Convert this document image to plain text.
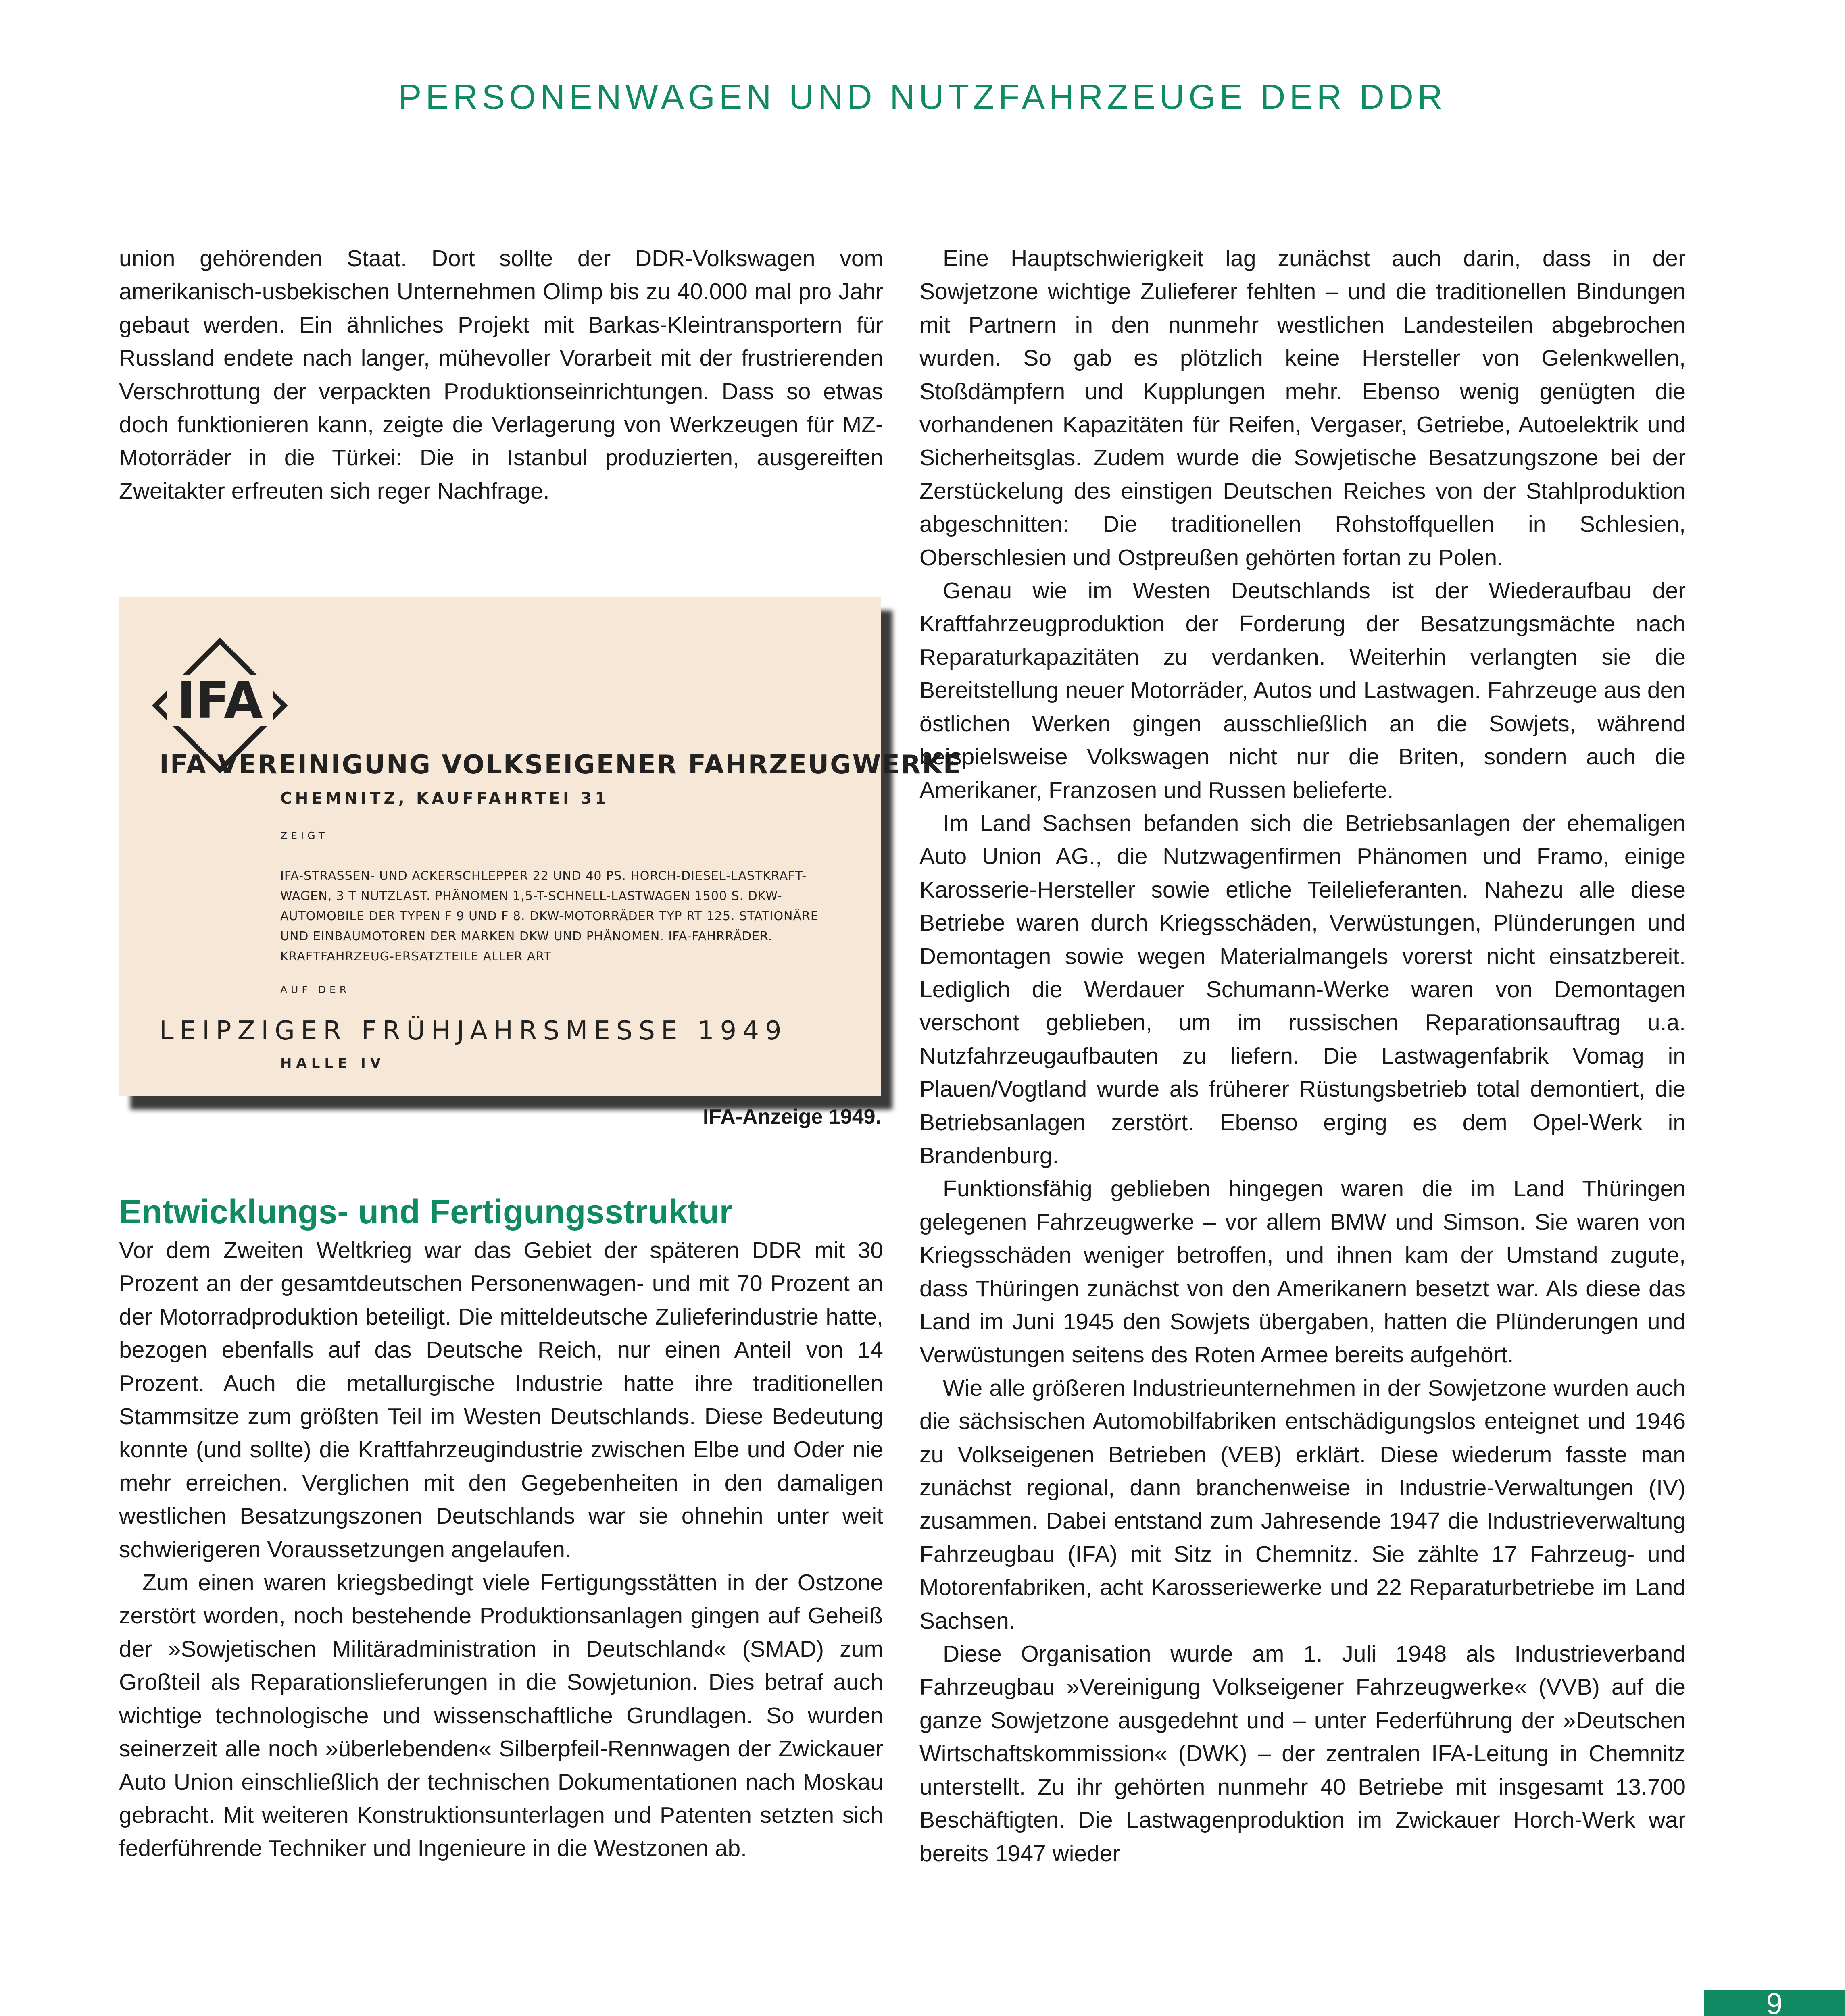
PERSONENWAGEN UND NUTZFAHRZEUGE DER DDR

union gehörenden Staat. Dort sollte der DDR-Volkswagen vom amerikanisch-usbekischen Unternehmen Olimp bis zu 40.000 mal pro Jahr gebaut werden. Ein ähnliches Projekt mit Barkas-Kleintransportern für Russland endete nach langer, mühevoller Vorarbeit mit der frustrierenden Verschrottung der verpackten Produktionseinrichtungen. Dass so etwas doch funktionieren kann, zeigte die Verlagerung von Werkzeugen für MZ-Motorräder in die Türkei: Die in Istanbul produzierten, ausgereiften Zweitakter erfreuten sich reger Nachfrage.

IFA
IFA VEREINIGUNG VOLKSEIGENER FAHRZEUGWERKE
CHEMNITZ, KAUFFAHRTEI 31
ZEIGT
IFA-STRASSEN- UND ACKERSCHLEPPER 22 UND 40 PS. HORCH-DIESEL-LASTKRAFT-
WAGEN, 3 T NUTZLAST. PHÄNOMEN 1,5-T-SCHNELL-LASTWAGEN 1500 S. DKW-
AUTOMOBILE DER TYPEN F 9 UND F 8. DKW-MOTORRÄDER TYP RT 125. STATIONÄRE
UND EINBAUMOTOREN DER MARKEN DKW UND PHÄNOMEN. IFA-FAHRRÄDER.
KRAFTFAHRZEUG-ERSATZTEILE ALLER ART
AUF DER
LEIPZIGER FRÜHJAHRSMESSE 1949
HALLE IV
IFA-Anzeige 1949.
Entwicklungs- und Fertigungsstruktur

Vor dem Zweiten Weltkrieg war das Gebiet der späteren DDR mit 30 Prozent an der gesamtdeutschen Personenwagen- und mit 70 Prozent an der Motorradproduktion beteiligt. Die mitteldeutsche Zulieferindustrie hatte, bezogen ebenfalls auf das Deutsche Reich, nur einen Anteil von 14 Prozent. Auch die metallurgische Industrie hatte ihre traditionellen Stammsitze zum größten Teil im Westen Deutschlands. Diese Bedeutung konnte (und sollte) die Kraftfahrzeugindustrie zwischen Elbe und Oder nie mehr erreichen. Verglichen mit den Gegebenheiten in den damaligen westlichen Besatzungszonen Deutschlands war sie ohnehin unter weit schwierigeren Voraussetzungen angelaufen.

Zum einen waren kriegsbedingt viele Fertigungsstätten in der Ostzone zerstört worden, noch bestehende Produktionsanlagen gingen auf Geheiß der »Sowjetischen Militäradministration in Deutschland« (SMAD) zum Großteil als Reparationslieferungen in die Sowjetunion. Dies betraf auch wichtige technologische und wissenschaftliche Grundlagen. So wurden seinerzeit alle noch »überlebenden« Silberpfeil-Rennwagen der Zwickauer Auto Union einschließlich der technischen Dokumentationen nach Moskau gebracht. Mit weiteren Konstruktionsunterlagen und Patenten setzten sich federführende Techniker und Ingenieure in die Westzonen ab.

Eine Hauptschwierigkeit lag zunächst auch darin, dass in der Sowjetzone wichtige Zulieferer fehlten – und die traditionellen Bindungen mit Partnern in den nunmehr westlichen Landesteilen abgebrochen wurden. So gab es plötzlich keine Hersteller von Gelenkwellen, Stoßdämpfern und Kupplungen mehr. Ebenso wenig genügten die vorhandenen Kapazitäten für Reifen, Vergaser, Getriebe, Autoelektrik und Sicherheitsglas. Zudem wurde die Sowjetische Besatzungszone bei der Zerstückelung des einstigen Deutschen Reiches von der Stahlproduktion abgeschnitten: Die traditionellen Rohstoffquellen in Schlesien, Oberschlesien und Ostpreußen gehörten fortan zu Polen.

Genau wie im Westen Deutschlands ist der Wiederaufbau der Kraftfahrzeugproduktion der Forderung der Besatzungsmächte nach Reparaturkapazitäten zu verdanken. Weiterhin verlangten sie die Bereitstellung neuer Motorräder, Autos und Lastwagen. Fahrzeuge aus den östlichen Werken gingen ausschließlich an die Sowjets, während beispielsweise Volkswagen nicht nur die Briten, sondern auch die Amerikaner, Franzosen und Russen belieferte.

Im Land Sachsen befanden sich die Betriebsanlagen der ehemaligen Auto Union AG., die Nutzwagenfirmen Phänomen und Framo, einige Karosserie-Hersteller sowie etliche Teilelieferanten. Nahezu alle diese Betriebe waren durch Kriegsschäden, Verwüstungen, Plünderungen und Demontagen sowie wegen Materialmangels vorerst nicht einsatzbereit. Lediglich die Werdauer Schumann-Werke waren von Demontagen verschont geblieben, um im russischen Reparationsauftrag u.a. Nutzfahrzeugaufbauten zu liefern. Die Lastwagenfabrik Vomag in Plauen/Vogtland wurde als früherer Rüstungsbetrieb total demontiert, die Betriebsanlagen zerstört. Ebenso erging es dem Opel-Werk in Brandenburg.

Funktionsfähig geblieben hingegen waren die im Land Thüringen gelegenen Fahrzeugwerke – vor allem BMW und Simson. Sie waren von Kriegsschäden weniger betroffen, und ihnen kam der Umstand zugute, dass Thüringen zunächst von den Amerikanern besetzt war. Als diese das Land im Juni 1945 den Sowjets übergaben, hatten die Plünderungen und Verwüstungen seitens des Roten Armee bereits aufgehört.

Wie alle größeren Industrieunternehmen in der Sowjetzone wurden auch die sächsischen Automobilfabriken entschädigungslos enteignet und 1946 zu Volkseigenen Betrieben (VEB) erklärt. Diese wiederum fasste man zunächst regional, dann branchenweise in Industrie-Verwaltungen (IV) zusammen. Dabei entstand zum Jahresende 1947 die Industrieverwaltung Fahrzeugbau (IFA) mit Sitz in Chemnitz. Sie zählte 17 Fahrzeug- und Motorenfabriken, acht Karosseriewerke und 22 Reparaturbetriebe im Land Sachsen.

Diese Organisation wurde am 1. Juli 1948 als Industrieverband Fahrzeugbau »Vereinigung Volkseigener Fahrzeugwerke« (VVB) auf die ganze Sowjetzone ausgedehnt und – unter Federführung der »Deutschen Wirtschaftskommission« (DWK) – der zentralen IFA-Leitung in Chemnitz unterstellt. Zu ihr gehörten nunmehr 40 Betriebe mit insgesamt 13.700 Beschäftigten. Die Lastwagenproduktion im Zwickauer Horch-Werk war bereits 1947 wieder

9
